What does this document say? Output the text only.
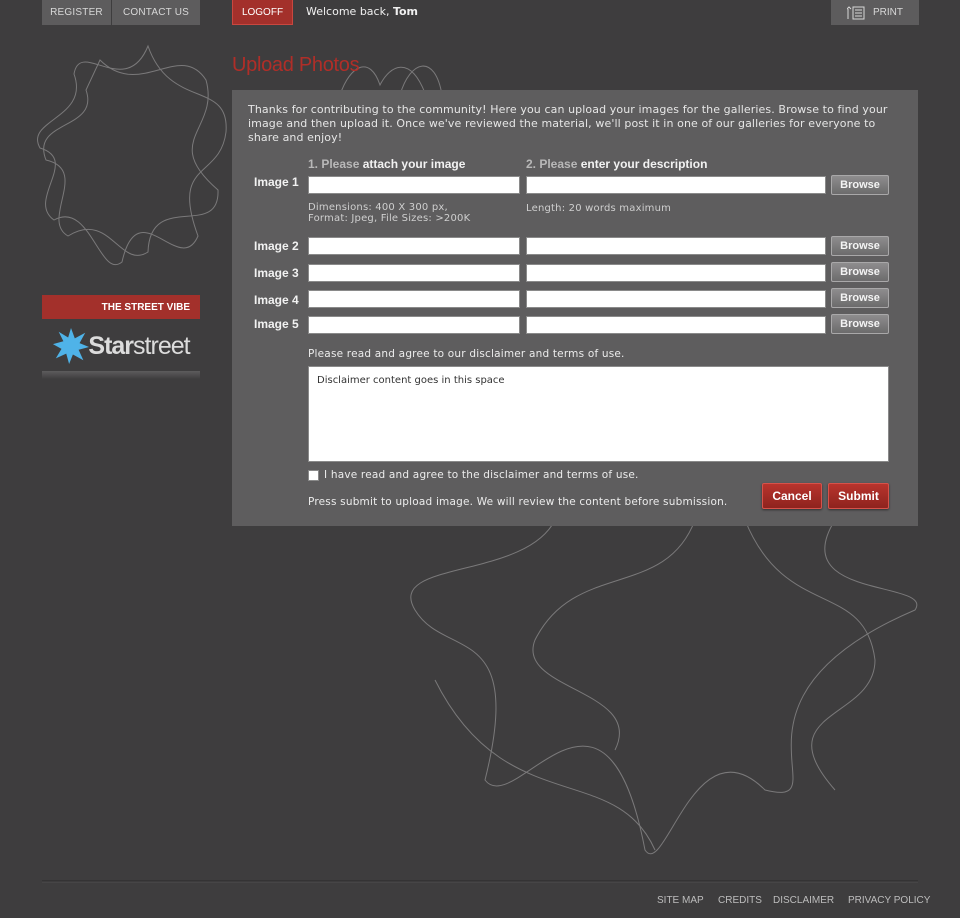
REGISTER CONTACT US	LOGOFF Welcome back, Tom	PRINT
Upload Photos
THE STREET VIBE
Starstreet
Thanks for contributing to the community! Here you can upload your images for the galleries. Browse to find your image and then upload it. Once we've reviewed the material, we'll post it in one of our galleries for everyone to share and enjoy!
1. Please attach your image	2. Please enter your description
Image 1	Browse
Dimensions: 400 X 300 px,
Format: Jpeg, File Sizes: >200K
Length: 20 words maximum
Image 2	Browse
Image 3	Browse
Image 4	Browse
Image 5	Browse
Please read and agree to our disclaimer and terms of use.
Disclaimer content goes in this space
I have read and agree to the disclaimer and terms of use.
Press submit to upload image. We will review the content before submission.	Cancel	Submit
SITE MAP CREDITS DISCLAIMER PRIVACY POLICY
